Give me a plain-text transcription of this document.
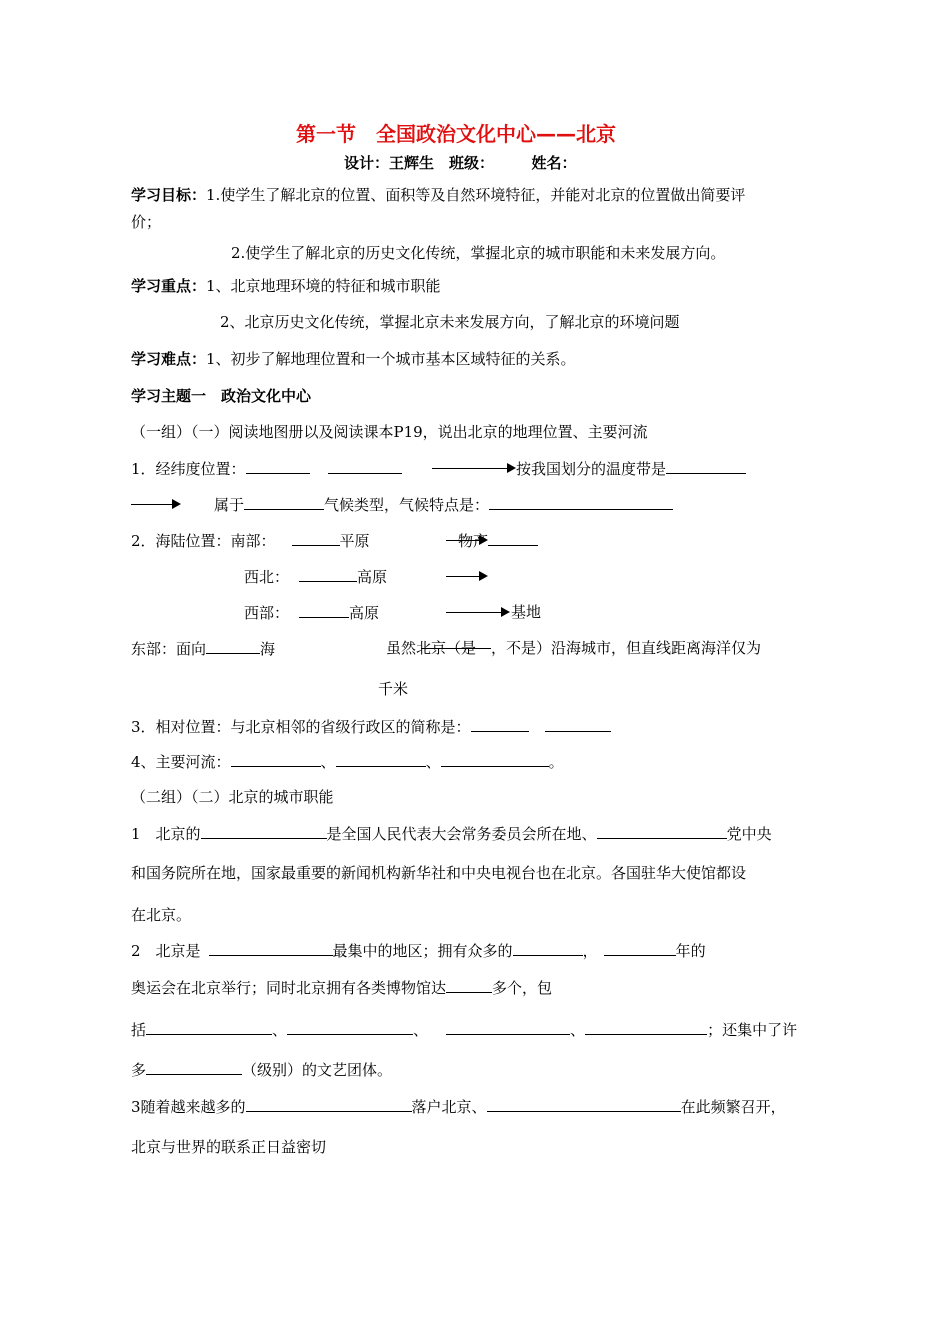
第一节　全国政治文化中心——北京
设计：王辉生　班级：　　　姓名：
学习目标：1.使学生了解北京的位置、面积等及自然环境特征，并能对北京的位置做出简要评
价；
2.使学生了解北京的历史文化传统，掌握北京的城市职能和未来发展方向。
学习重点：1、北京地理环境的特征和城市职能
2、北京历史文化传统，掌握北京未来发展方向，了解北京的环境问题
学习难点：1、初步了解地理位置和一个城市基本区域特征的关系。
学习主题一　政治文化中心
（一组）（一）阅读地图册以及阅读课本P19，说出北京的地理位置、主要河流
1．经纬度位置：	按我国划分的温度带是
属于	气候类型，气候特点是：
2．海陆位置：南部：	平原	物产
西北：	高原
西部：	高原	基地
东部：面向	海	虽然北京（是　，不是）沿海城市，但直线距离海洋仅为
千米
3．相对位置：与北京相邻的省级行政区的简称是：
4、主要河流：	、	、	。
（二组）（二）北京的城市职能
1　北京的	是全国人民代表大会常务委员会所在地、	党中央
和国务院所在地，国家最重要的新闻机构新华社和中央电视台也在北京。各国驻华大使馆都设
在北京。
2　北京是	最集中的地区；拥有众多的	，	年的
奥运会在北京举行；同时北京拥有各类博物馆达	多个，包
括	、	、	、	；还集中了许
多	（级别）的文艺团体。
3随着越来越多的	落户北京、	在此频繁召开，
北京与世界的联系正日益密切
